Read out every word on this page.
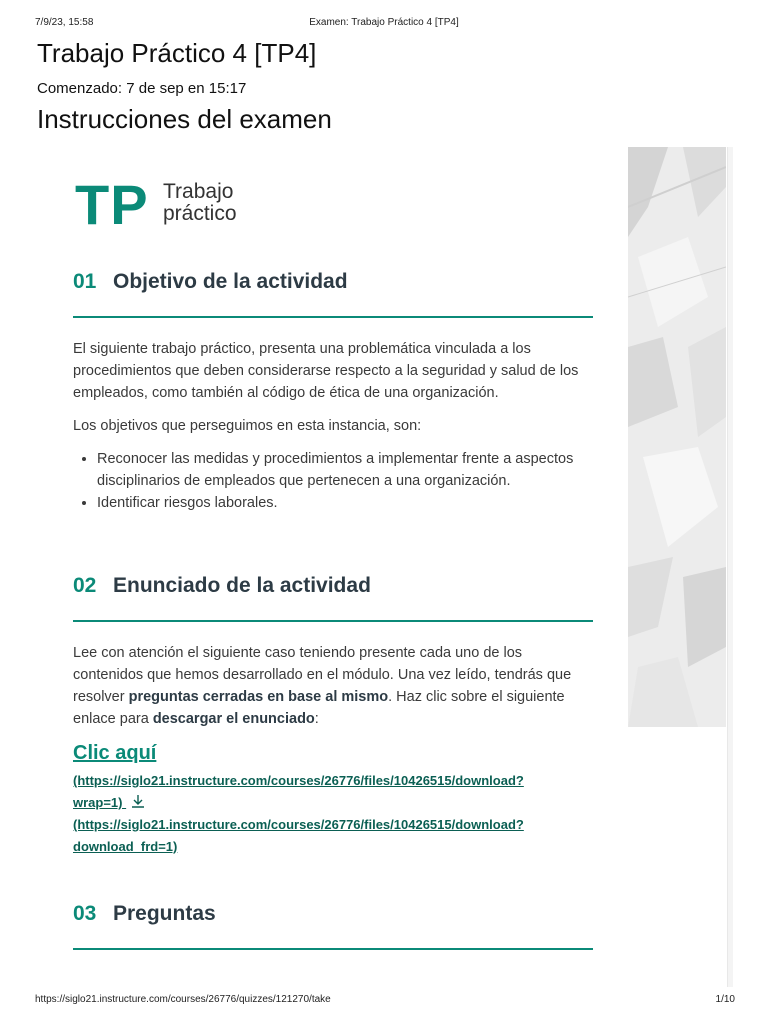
7/9/23, 15:58	Examen: Trabajo Práctico 4 [TP4]
Trabajo Práctico 4 [TP4]

Comenzado: 7 de sep en 15:17

Instrucciones del examen
TP Trabajo
práctico
01 Objetivo de la actividad

El siguiente trabajo práctico, presenta una problemática vinculada a los procedimientos que deben considerarse respecto a la seguridad y salud de los empleados, como también al código de ética de una organización.

Los objetivos que perseguimos en esta instancia, son:

• Reconocer las medidas y procedimientos a implementar frente a aspectos disciplinarios de empleados que pertenecen a una organización.
• Identificar riesgos laborales.
02 Enunciado de la actividad

Lee con atención el siguiente caso teniendo presente cada uno de los contenidos que hemos desarrollado en el módulo. Una vez leído, tendrás que resolver preguntas cerradas en base al mismo. Haz clic sobre el siguiente enlace para descargar el enunciado:

Clic aquí
(https://siglo21.instructure.com/courses/26776/files/10426515/download?
wrap=1)
(https://siglo21.instructure.com/courses/26776/files/10426515/download?
download_frd=1)
03 Preguntas
https://siglo21.instructure.com/courses/26776/quizzes/121270/take	1/10
